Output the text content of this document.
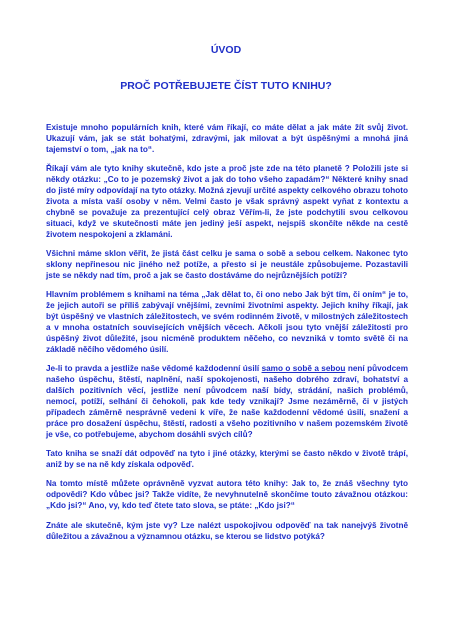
ÚVOD
PROČ POTŘEBUJETE ČÍST TUTO KNIHU?

Existuje mnoho populárních knih, které vám říkají, co máte dělat a jak máte žít svůj život. Ukazují vám, jak se stát bohatými, zdravými, jak milovat a být úspěšnými a mnohá jiná tajemství o tom, „jak na to“.

Říkají vám ale tyto knihy skutečně, kdo jste a proč jste zde na této planetě ? Položili jste si někdy otázku: „Co to je pozemský život a jak do toho všeho zapadám?“ Některé knihy snad do jisté míry odpovídají na tyto otázky. Možná zjevují určité aspekty celkového obrazu tohoto života a místa vaší osoby v něm. Velmi často je však správný aspekt vyňat z kontextu a chybně se považuje za prezentující celý obraz Věřím-li, že jste podchytili svou celkovou situaci, když ve skutečnosti máte jen jediný ješí aspekt, nejspíš skončíte někde na cestě životem nespokojeni a zklamáni.

Všichni máme sklon věřit, že jistá část celku je sama o sobě a sebou celkem. Nakonec tyto sklony nepřinesou nic jiného než potíže, a přesto si je neustále způsobujeme. Pozastavili jste se někdy nad tím, proč a jak se často dostáváme do nejrůznějších potíží?

Hlavním problémem s knihami na téma „Jak dělat to, či ono nebo Jak být tím, či oním“ je to, že jejich autoři se příliš zabývají vnějšími, zevními životními aspekty. Jejich knihy říkají, jak být úspěšný ve vlastních záležitostech, ve svém rodinném životě, v milostných záležitostech a v mnoha ostatních souvisejících vnějších věcech. Ačkoli jsou tyto vnější záležitosti pro úspěšný život důležité, jsou nicméně produktem něčeho, co nevzniká v tomto světě či na základě něčího vědomého úsilí.

Je-li to pravda a jestliže naše vědomé každodenní úsilí samo o sobě a sebou není původcem našeho úspěchu, štěstí, naplnění, naší spokojenosti, našeho dobrého zdraví, bohatství a dalších pozitivních věcí, jestliže není původcem naší bídy, strádání, našich problémů, nemocí, potíží, selhání či čehokoli, pak kde tedy vznikají? Jsme nezáměrně, či v jistých případech záměrně nesprávně vedeni k víře, že naše každodenní vědomé úsilí, snažení a práce pro dosažení úspěchu, štěstí, radosti a všeho pozitivního v našem pozemském životě je vše, co potřebujeme, abychom dosáhli svých cílů?

Tato kniha se snaží dát odpověď na tyto i jiné otázky, kterými se často někdo v životě trápí, aniž by se na ně kdy získala odpověď.

Na tomto místě můžete oprávněně vyzvat autora této knihy: Jak to, že znáš všechny tyto odpovědi? Kdo vůbec jsi? Takže vidíte, že nevyhnutelně skončíme touto závažnou otázkou: „Kdo jsi?“ Ano, vy, kdo teď čtete tato slova, se ptáte: „Kdo jsi?“

Znáte ale skutečně, kým jste vy? Lze nalézt uspokojivou odpověď na tak nanejvýš životně důležitou a závažnou a významnou otázku, se kterou se lidstvo potýká?
